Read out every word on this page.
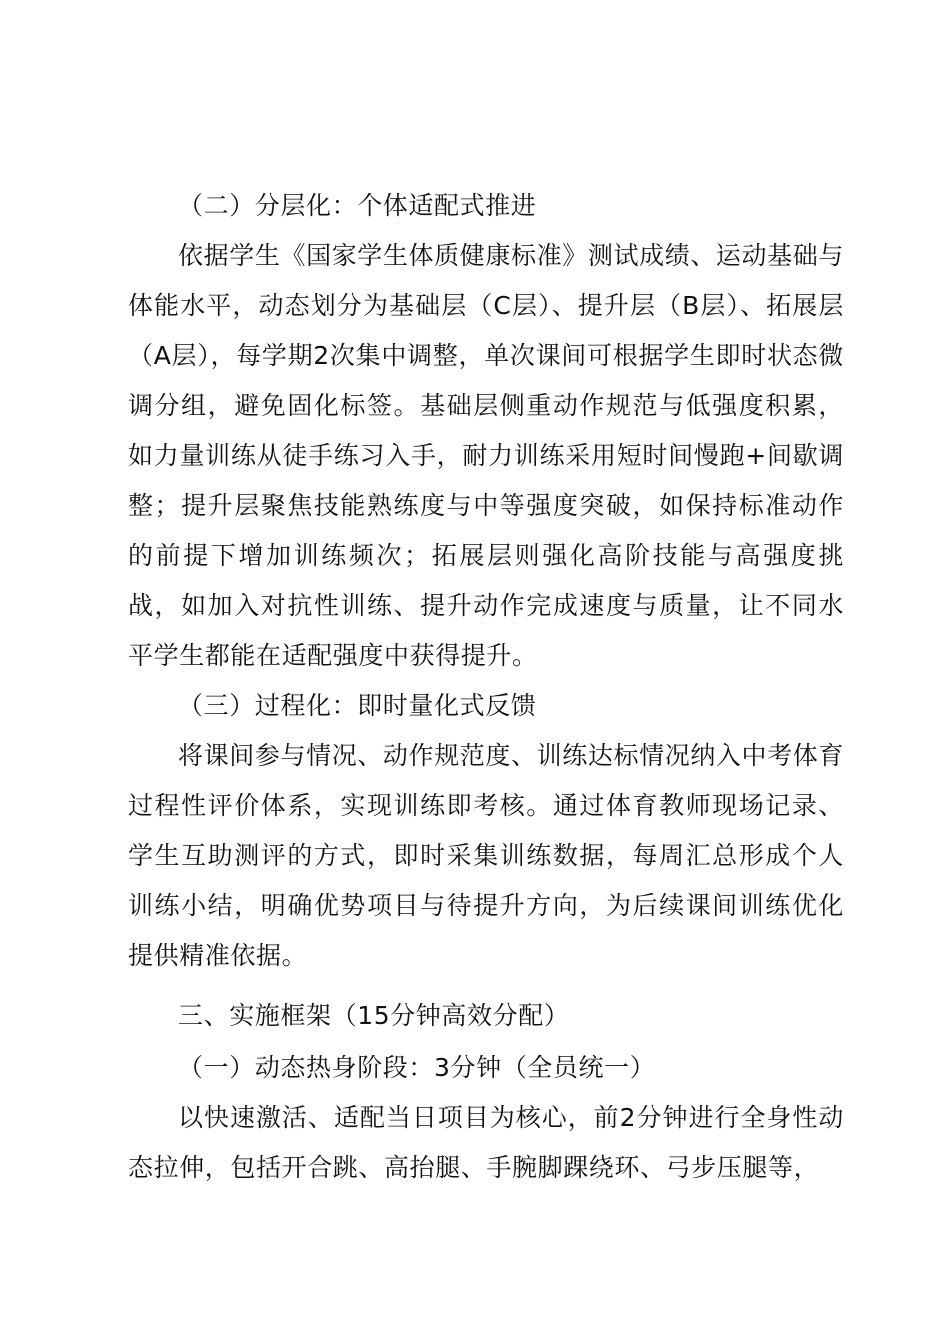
（二）分层化：个体适配式推进

依据学生《国家学生体质健康标准》测试成绩、运动基础与体能水平，动态划分为基础层（C层）、提升层（B层）、拓展层（A层），每学期2次集中调整，单次课间可根据学生即时状态微调分组，避免固化标签。基础层侧重动作规范与低强度积累，如力量训练从徒手练习入手，耐力训练采用短时间慢跑+间歇调整；提升层聚焦技能熟练度与中等强度突破，如保持标准动作的前提下增加训练频次；拓展层则强化高阶技能与高强度挑战，如加入对抗性训练、提升动作完成速度与质量，让不同水平学生都能在适配强度中获得提升。

（三）过程化：即时量化式反馈

将课间参与情况、动作规范度、训练达标情况纳入中考体育过程性评价体系，实现训练即考核。通过体育教师现场记录、学生互助测评的方式，即时采集训练数据，每周汇总形成个人训练小结，明确优势项目与待提升方向，为后续课间训练优化提供精准依据。

三、实施框架（15分钟高效分配）

（一）动态热身阶段：3分钟（全员统一）

以快速激活、适配当日项目为核心，前2分钟进行全身性动态拉伸，包括开合跳、高抬腿、手腕脚踝绕环、弓步压腿等，
